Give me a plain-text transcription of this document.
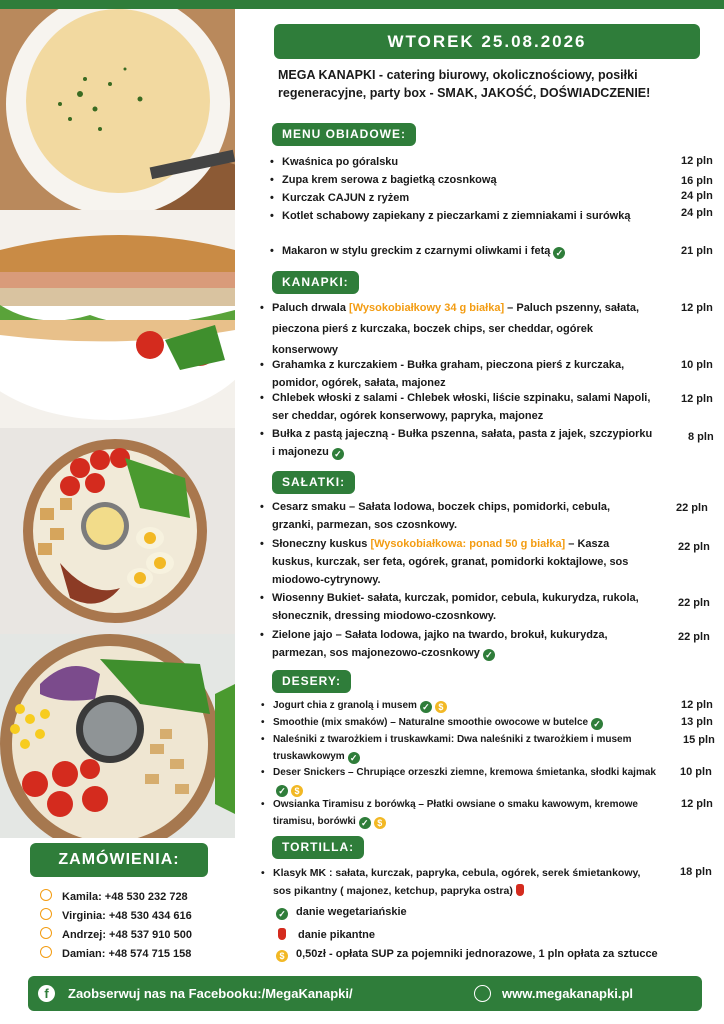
ZAMÓWIENIA:
Kamila: +48 530 232 728
Virginia: +48 530 434 616
Andrzej: +48 537 910 500
Damian: +48 574 715 158
WTOREK 25.08.2026
MEGA KANAPKI - catering biurowy, okolicznościowy, posiłki regeneracyjne, party box - SMAK, JAKOŚĆ, DOŚWIADCZENIE!
MENU OBIADOWE:
• Kwaśnica po góralsku	12 pln
• Zupa krem serowa z bagietką czosnkową	16 pln
• Kurczak CAJUN z ryżem	24 pln
• Kotlet schabowy zapiekany z pieczarkami z ziemniakami i surówką	24 pln
• Makaron w stylu greckim z czarnymi oliwkami i fetą ✓	21 pln
KANAPKI:
• Paluch drwala [Wysokobiałkowy 34 g białka] – Paluch pszenny, sałata, pieczona pierś z kurczaka, boczek chips, ser cheddar, ogórek konserwowy
12 pln
• Grahamka z kurczakiem - Bułka graham, pieczona pierś z kurczaka, pomidor, ogórek, sałata, majonez
10 pln
• Chlebek włoski z salami - Chlebek włoski, liście szpinaku, salami Napoli, ser cheddar, ogórek konserwowy, papryka, majonez
12 pln
• Bułka z pastą jajeczną - Bułka pszenna, sałata, pasta z jajek, szczypiorku i majonezu ✓
8 pln
SAŁATKI:
• Cesarz smaku – Sałata lodowa, boczek chips, pomidorki, cebula, grzanki, parmezan, sos czosnkowy.
22 pln
• Słoneczny kuskus [Wysokobiałkowa: ponad 50 g białka] – Kasza kuskus, kurczak, ser feta, ogórek, granat, pomidorki koktajlowe, sos miodowo-cytrynowy.
22 pln
• Wiosenny Bukiet- sałata, kurczak, pomidor, cebula, kukurydza, rukola, słonecznik, dressing miodowo-czosnkowy.
22 pln
• Zielone jajo – Sałata lodowa, jajko na twardo, brokuł, kukurydza, parmezan, sos majonezowo-czosnkowy ✓
22 pln
DESERY:
• Jogurt chia z granolą i musem ✓ $	12 pln
• Smoothie (mix smaków) – Naturalne smoothie owocowe w butelce ✓	13 pln
• Naleśniki z twarożkiem i truskawkami: Dwa naleśniki z twarożkiem i musem truskawkowym ✓
15 pln
• Deser Snickers – Chrupiące orzeszki ziemne, kremowa śmietanka, słodki kajmak✓ $
10 pln
• Owsianka Tiramisu z borówką – Płatki owsiane o smaku kawowym, kremowe tiramisu, borówki ✓ $
12 pln
TORTILLA:
• Klasyk MK : sałata, kurczak, papryka, cebula, ogórek, serek śmietankowy, sos pikantny ( majonez, ketchup, papryka ostra)
18 pln
✓ danie wegetariańskie
danie pikantne
$ 0,50zł - opłata SUP za pojemniki jednorazowe, 1 pln opłata za sztucce
f	Zaobserwuj nas na Facebooku:/MegaKanapki/	www.megakanapki.pl
